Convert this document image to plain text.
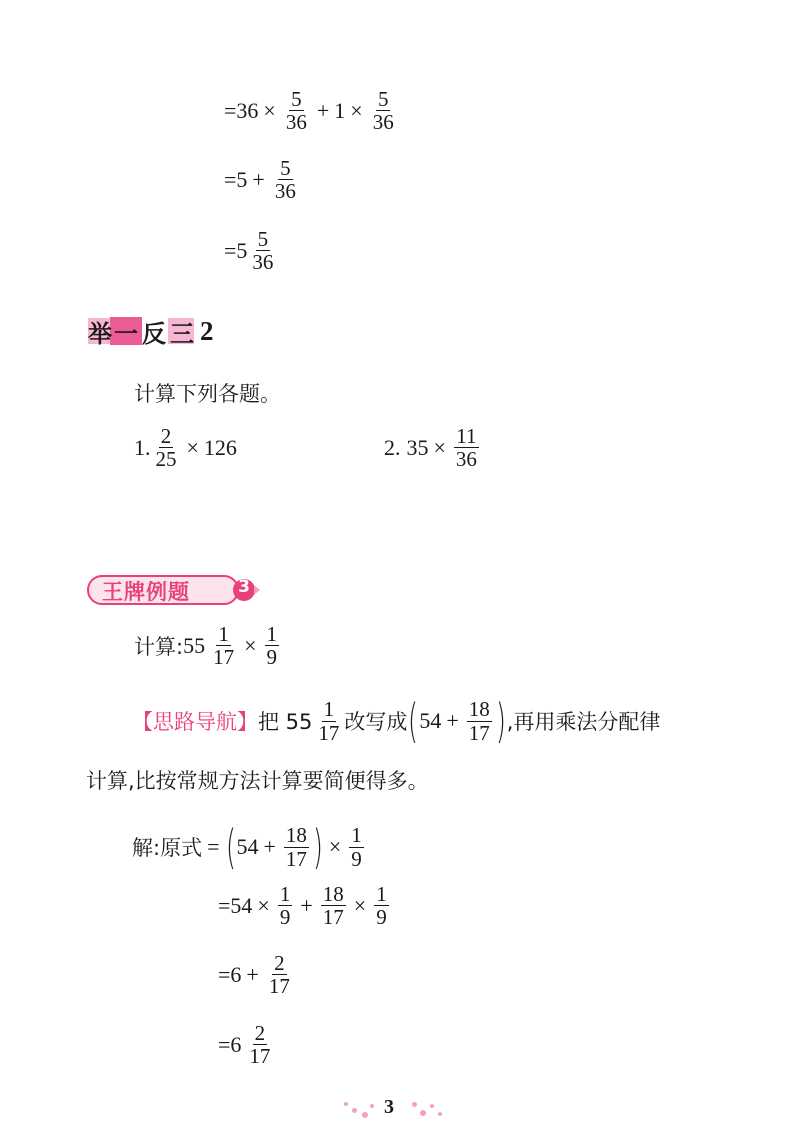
= $36 \times \frac{5}{36} + 1 \times \frac{5}{36}$
= $5 + \frac{5}{36}$
= $5 \frac{5}{36}$
举 一 反 三 2
计算下列各题。
1. $\frac{2}{25} \times 126$	2. $35 \times \frac{11}{36}$
王牌例题	3
计算: $55 \frac{1}{17} \times \frac{1}{9}$
【思路导航】 把 $55 \frac{1}{17}$ 改写成 ( $54 + \frac{18}{17}$ ) ,再用乘法分配律
计算,比按常规方法计算要简便得多。
解:原式 = ( $54 + \frac{18}{17}$ ) × $\frac{1}{9}$
= $54 \times \frac{1}{9} + \frac{18}{17} \times \frac{1}{9}$
= $6 + \frac{2}{17}$
= $6 \frac{2}{17}$
3
